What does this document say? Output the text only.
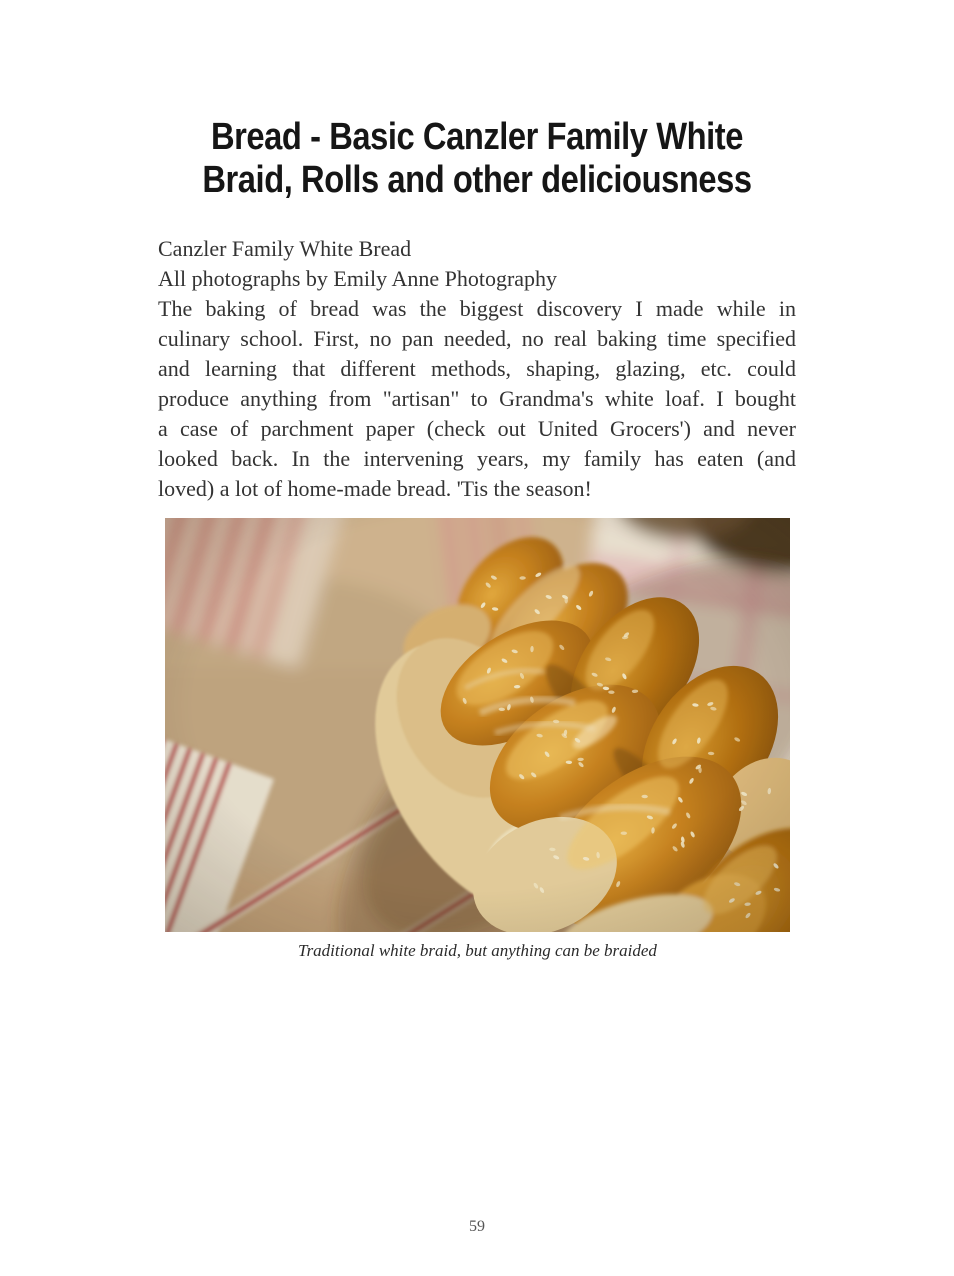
Bread - Basic Canzler Family White
Braid, Rolls and other deliciousness
Canzler Family White Bread
All photographs by Emily Anne Photography
The baking of bread was the biggest discovery I made while in
culinary school. First, no pan needed, no real baking time specified
and learning that different methods, shaping, glazing, etc. could
produce anything from "artisan" to Grandma's white loaf. I bought
a case of parchment paper (check out United Grocers') and never
looked back. In the intervening years, my family has eaten (and
loved) a lot of home-made bread. 'Tis the season!
Traditional white braid, but anything can be braided
59
